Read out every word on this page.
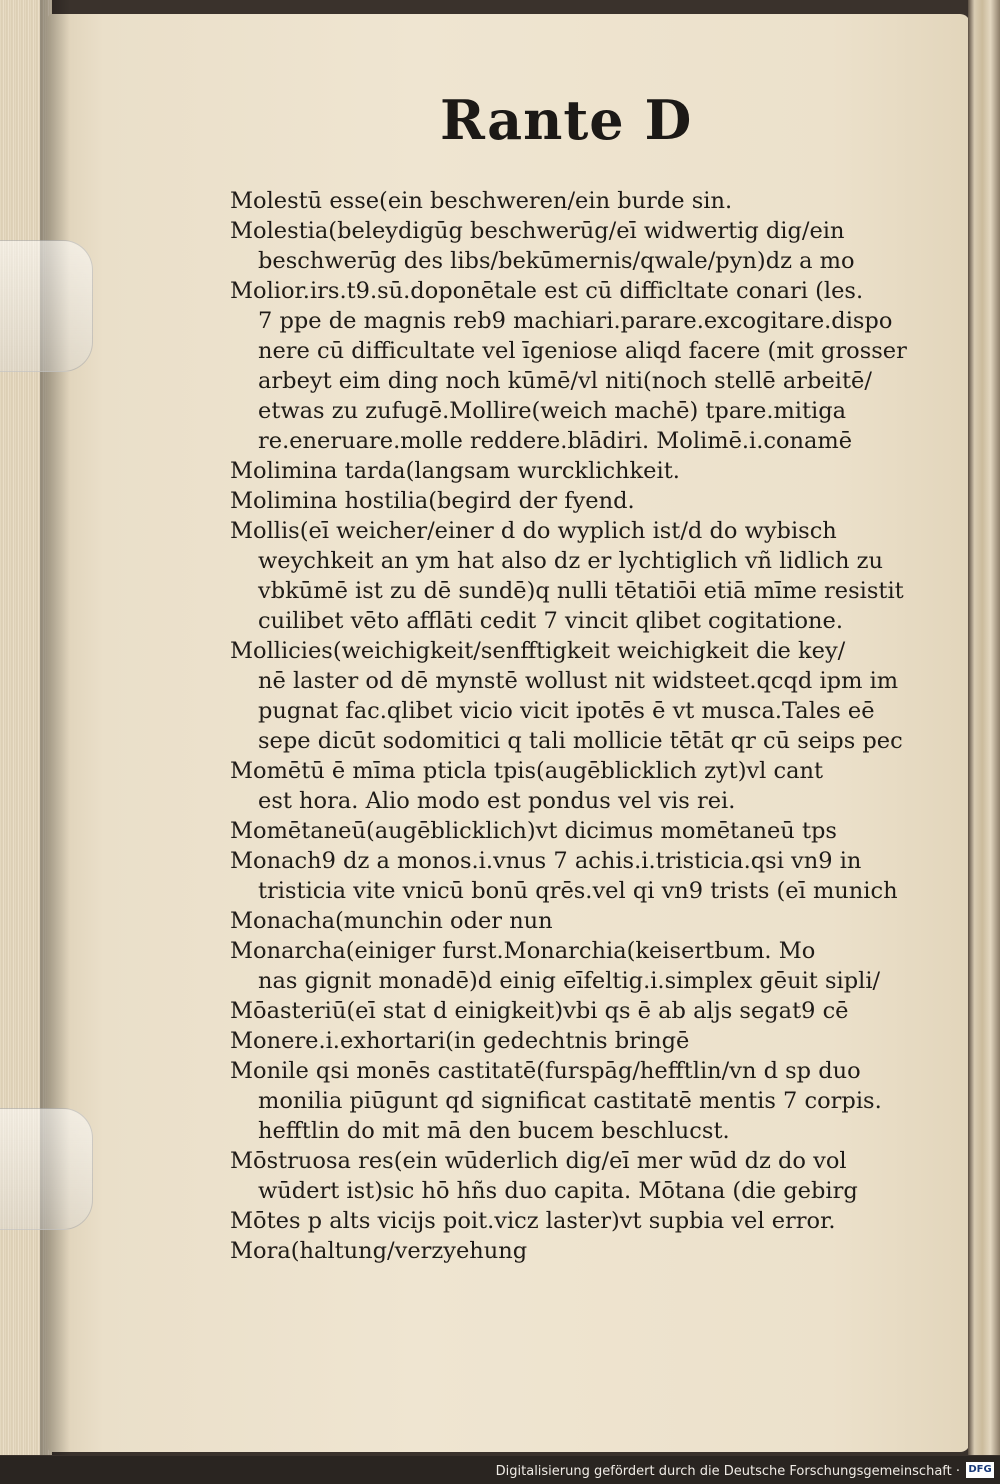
Rante D
Molestū esse(ein beschweren/ein burde sin.
Molestia(beleydigūg beschwerūg/eī widwertig dig/ein
beschwerūg des libs/bekūmernis/qwale/pyn)dz a mo
Molior.irs.t9.sū.doponētale est cū difficltate conari (les.
7 ppe de magnis reb9 machiari.parare.excogitare.dispo
nere cū difficultate vel īgeniose aliqd facere (mit grosser
arbeyt eim ding noch kūmē/vl niti(noch stellē arbeitē/
etwas zu zufugē.Mollire(weich machē) tpare.mitiga
re.eneruare.molle reddere.blādiri. Molimē.i.conamē
Molimina tarda(langsam wurcklichkeit.
Molimina hostilia(begird der fyend.
Mollis(eī weicher/einer d do wyplich ist/d do wybisch
weychkeit an ym hat also dz er lychtiglich vñ lidlich zu
vbkūmē ist zu dē sundē)q nulli tētatiōi etiā mīme resistit
cuilibet vēto afflāti cedit 7 vincit qlibet cogitatione.
Mollicies(weichigkeit/senfftigkeit weichigkeit die key/
nē laster od dē mynstē wollust nit widsteet.qcqd ipm im
pugnat fac.qlibet vicio vicit ipotēs ē vt musca.Tales eē
sepe dicūt sodomitici q tali mollicie tētāt qr cū seips pec
Momētū ē mīma pticla tpis(augēblicklich zyt)vl cant
est hora. Alio modo est pondus vel vis rei.
Momētaneū(augēblicklich)vt dicimus momētaneū tps
Monach9 dz a monos.i.vnus 7 achis.i.tristicia.qsi vn9 in
tristicia vite vnicū bonū qrēs.vel qi vn9 trists (eī munich
Monacha(munchin oder nun
Monarcha(einiger furst.Monarchia(keisertbum. Mo
nas gignit monadē)d einig eīfeltig.i.simplex gēuit sipli/
Mōasteriū(eī stat d einigkeit)vbi qs ē ab aljs segat9 cē
Monere.i.exhortari(in gedechtnis bringē
Monile qsi monēs castitatē(furspāg/hefftlin/vn d sp duo
monilia piūgunt qd significat castitatē mentis 7 corpis.
hefftlin do mit mā den bucem beschlucst.
Mōstruosa res(ein wūderlich dig/eī mer wūd dz do vol
wūdert ist)sic hō hñs duo capita. Mōtana (die gebirg
Mōtes p alts vicijs poit.vicz laster)vt supbia vel error.
Mora(haltung/verzyehung
Digitalisierung gefördert durch die Deutsche Forschungsgemeinschaft · DFG
